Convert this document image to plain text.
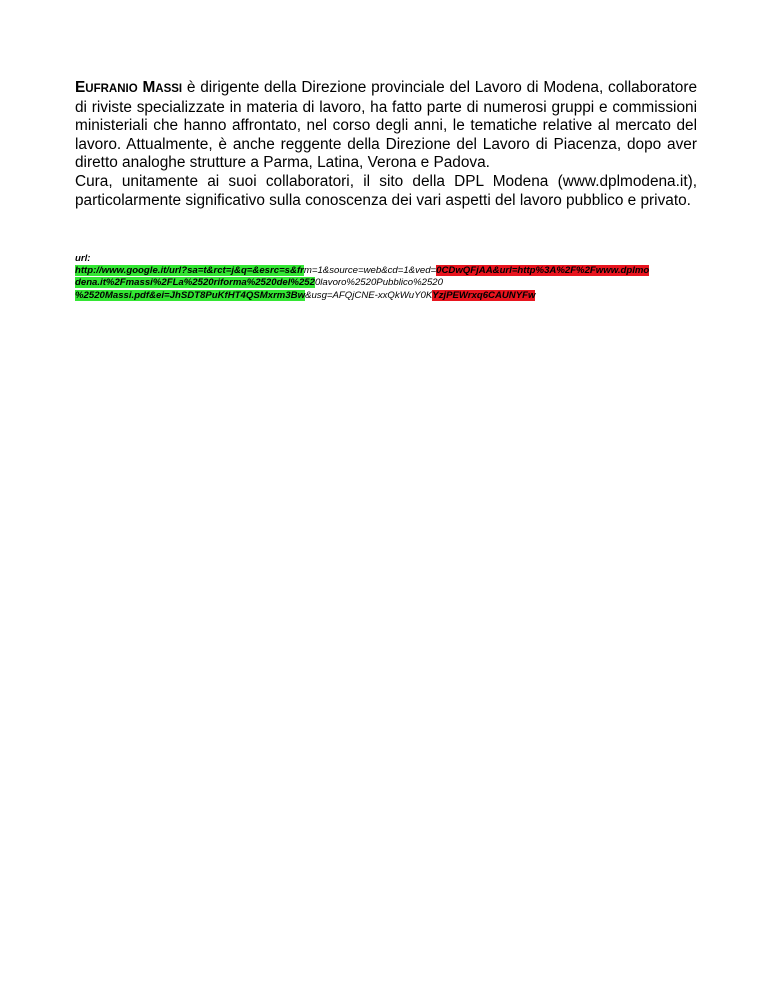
EUFRANIO MASSI è dirigente della Direzione provinciale del Lavoro di Modena, collaboratore di riviste specializzate in materia di lavoro, ha fatto parte di numerosi gruppi e commissioni ministeriali che hanno affrontato, nel corso degli anni, le tematiche relative al mercato del lavoro. Attualmente, è anche reggente della Direzione del Lavoro di Piacenza, dopo aver diretto analoghe strutture a Parma, Latina, Verona e Padova.

Cura, unitamente ai suoi collaboratori, il sito della DPL Modena (www.dplmodena.it), particolarmente significativo sulla conoscenza dei vari aspetti del lavoro pubblico e privato.

url:
http://www.google.it/url?sa=t&rct=j&q=&esrc=s&frm=1&source=web&cd=1&ved=0CDwQFjAA&url=http%3A%2F%2Fwww.dplmo
dena.it%2Fmassi%2FLa%2520riforma%2520del%2520lavoro%2520Pubblico%2520
%2520Massi.pdf&ei=JhSDT8PuKfHT4QSMxrm3Bw&usg=AFQjCNE-xxQkWuY0KYzjPEWrxq6CAUNYFw
